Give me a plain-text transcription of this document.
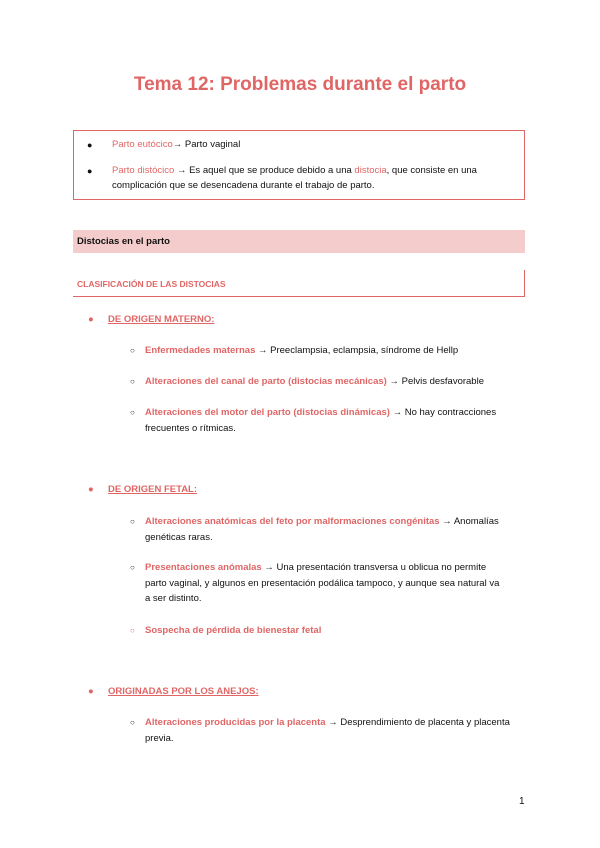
Tema 12: Problemas durante el parto
● Parto eutócico→ Parto vaginal
● Parto distócico → Es aquel que se produce debido a una distocia, que consiste en una
complicación que se desencadena durante el trabajo de parto.
Distocias en el parto
CLASIFICACIÓN DE LAS DISTOCIAS
● DE ORIGEN MATERNO:
○ Enfermedades maternas → Preeclampsia, eclampsia, síndrome de Hellp
○ Alteraciones del canal de parto (distocias mecánicas) → Pelvis desfavorable
○ Alteraciones del motor del parto (distocias dinámicas) → No hay contracciones
frecuentes o rítmicas.
● DE ORIGEN FETAL:
○ Alteraciones anatómicas del feto por malformaciones congénitas → Anomalías
genéticas raras.
○ Presentaciones anómalas → Una presentación transversa u oblicua no permite
parto vaginal, y algunos en presentación podálica tampoco, y aunque sea natural va
a ser distinto.
○ Sospecha de pérdida de bienestar fetal
● ORIGINADAS POR LOS ANEJOS:
○ Alteraciones producidas por la placenta → Desprendimiento de placenta y placenta
previa.
1
